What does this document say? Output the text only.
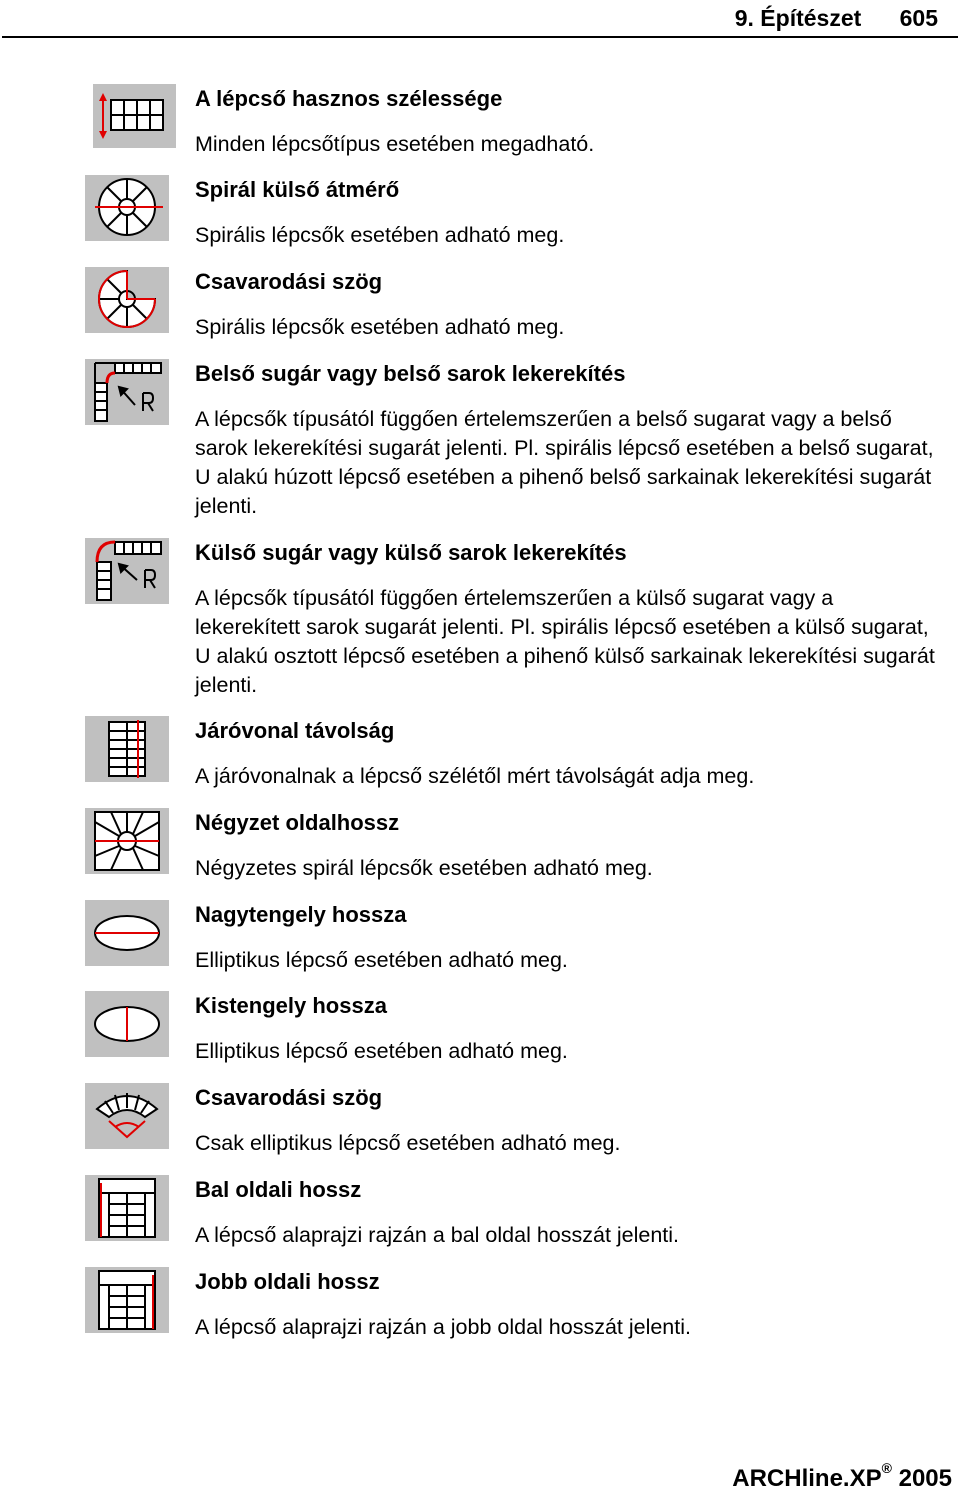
9. Építészet 605
A lépcső hasznos szélessége
Minden lépcsőtípus esetében megadható.
Spirál külső átmérő
Spirális lépcsők esetében adható meg.
Csavarodási szög
Spirális lépcsők esetében adható meg.
Belső sugár vagy belső sarok lekerekítés
A lépcsők típusától függően értelemszerűen a belső sugarat vagy a belső sarok lekerekítési sugarát jelenti. Pl. spirális lépcső esetében a belső sugarat, U alakú húzott lépcső esetében a pihenő belső sarkainak lekerekítési sugarát jelenti.
Külső sugár vagy külső sarok lekerekítés
A lépcsők típusától függően értelemszerűen a külső sugarat vagy a lekerekített sarok sugarát jelenti. Pl. spirális lépcső esetében a külső sugarat, U alakú osztott lépcső esetében a pihenő külső sarkainak lekerekítési sugarát jelenti.
Járóvonal távolság
A járóvonalnak a lépcső szélétől mért távolságát adja meg.
Négyzet oldalhossz
Négyzetes spirál lépcsők esetében adható meg.
Nagytengely hossza
Elliptikus lépcső esetében adható meg.
Kistengely hossza
Elliptikus lépcső esetében adható meg.
Csavarodási szög
Csak elliptikus lépcső esetében adható meg.
Bal oldali hossz
A lépcső alaprajzi rajzán a bal oldal hosszát jelenti.
Jobb oldali hossz
A lépcső alaprajzi rajzán a jobb oldal hosszát jelenti.
ARCHline.XP® 2005
